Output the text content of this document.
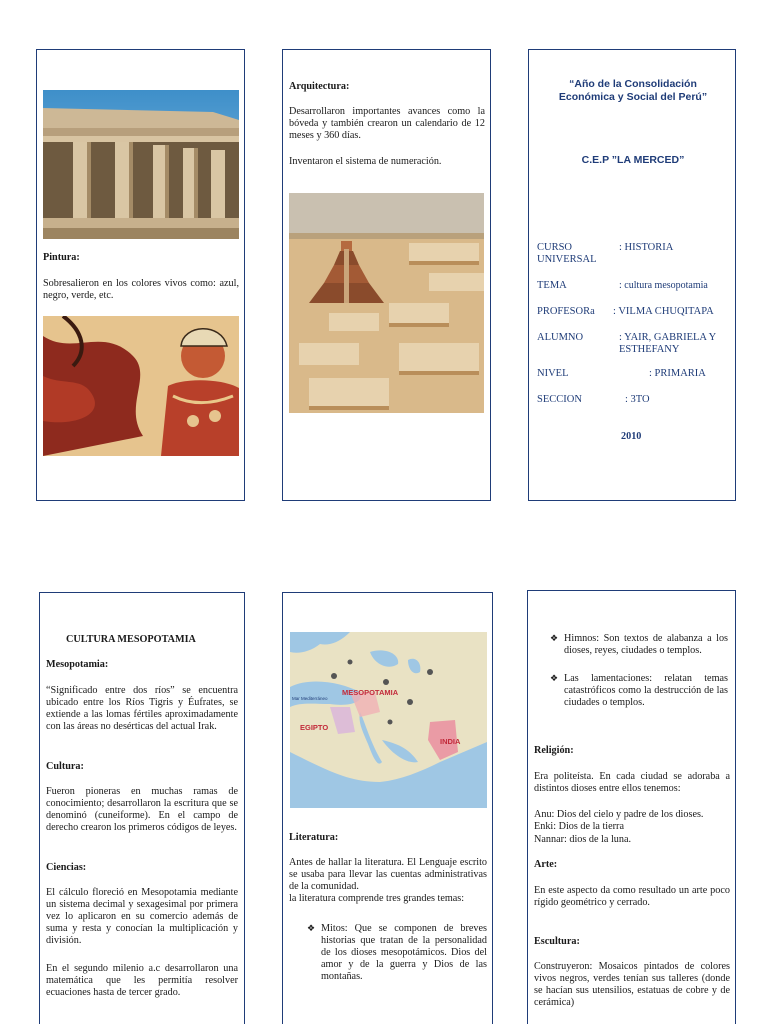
Pintura:

Sobresalieron en los colores vivos como: azul, negro, verde, etc.

Arquitectura:

Desarrollaron importantes avances como la bóveda y también crearon un calendario de 12 meses y 360 días.

Inventaron el sistema de numeración.

“Año de la Consolidación Económica y Social del Perú”

C.E.P ”LA MERCED”

CURSO UNIVERSAL
: HISTORIA
TEMA	: cultura mesopotamia
PROFESORa : VILMA CHUQITAPA
ALUMNO	: YAIR, GABRIELA Y ESTHEFANY
NIVEL	: PRIMARIA
SECCION	: 3TO

2010

CULTURA MESOPOTAMIA

Mesopotamia:

“Significado entre dos ríos” se encuentra ubicado entre los Ríos Tigris y Éufrates, se extiende a las lomas fértiles aproximadamente con las áreas no desérticas del actual Irak.

Cultura:

Fueron pioneras en muchas ramas de conocimiento; desarrollaron la escritura que se denominó (cuneiforme). En el campo de derecho crearon los primeros códigos de leyes.

Ciencias:

El cálculo floreció en Mesopotamia mediante un sistema decimal y sexagesimal por primera vez lo aplicaron en su comercio además de suma y resta y conocían la multiplicación y división.

En el segundo milenio a.c desarrollaron una matemática que les permitía resolver ecuaciones hasta de tercer grado.

MESOPOTAMIA
EGIPTO
INDIA
Mar Mediterráneo

Literatura:

Antes de hallar la literatura. El Lenguaje escrito se usaba para llevar las cuentas administrativas de la comunidad.

la literatura comprende tres grandes temas:

❖ Mitos: Que se componen de breves historias que tratan de la personalidad de los dioses mesopotámicos. Dios del amor y de la guerra y Dios de las montañas.
❖ Himnos: Son textos de alabanza a los dioses, reyes, ciudades o templos.
❖ Las lamentaciones: relatan temas catastróficos como la destrucción de las ciudades o templos.

Religión:

Era politeísta. En cada ciudad se adoraba a distintos dioses entre ellos tenemos:

Anu: Dios del cielo y padre de los dioses.

Enki: Dios de la tierra

Nannar: dios de la luna.

Arte:

En este aspecto da como resultado un arte poco rígido geométrico y cerrado.

Escultura:

Construyeron: Mosaicos pintados de colores vivos negros, verdes tenían sus talleres (donde se hacían sus utensilios, estatuas de cobre y de cerámica)
